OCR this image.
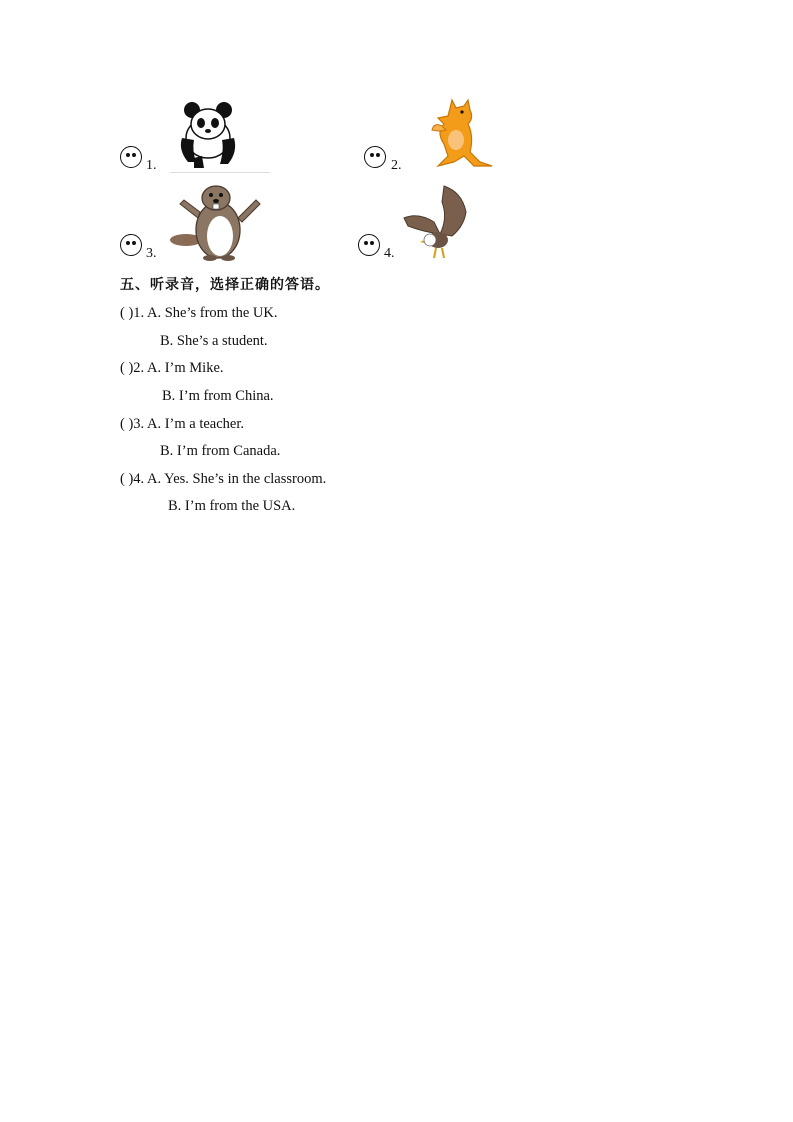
1.	2.
3.	4.
五、听录音，选择正确的答语。
( )1. A. She’s from the UK.
B. She’s a student.
( )2. A. I’m Mike.
B. I’m from China.
( )3. A. I’m a teacher.
B. I’m from Canada.
( )4. A. Yes. She’s in the classroom.
B. I’m from the USA.
